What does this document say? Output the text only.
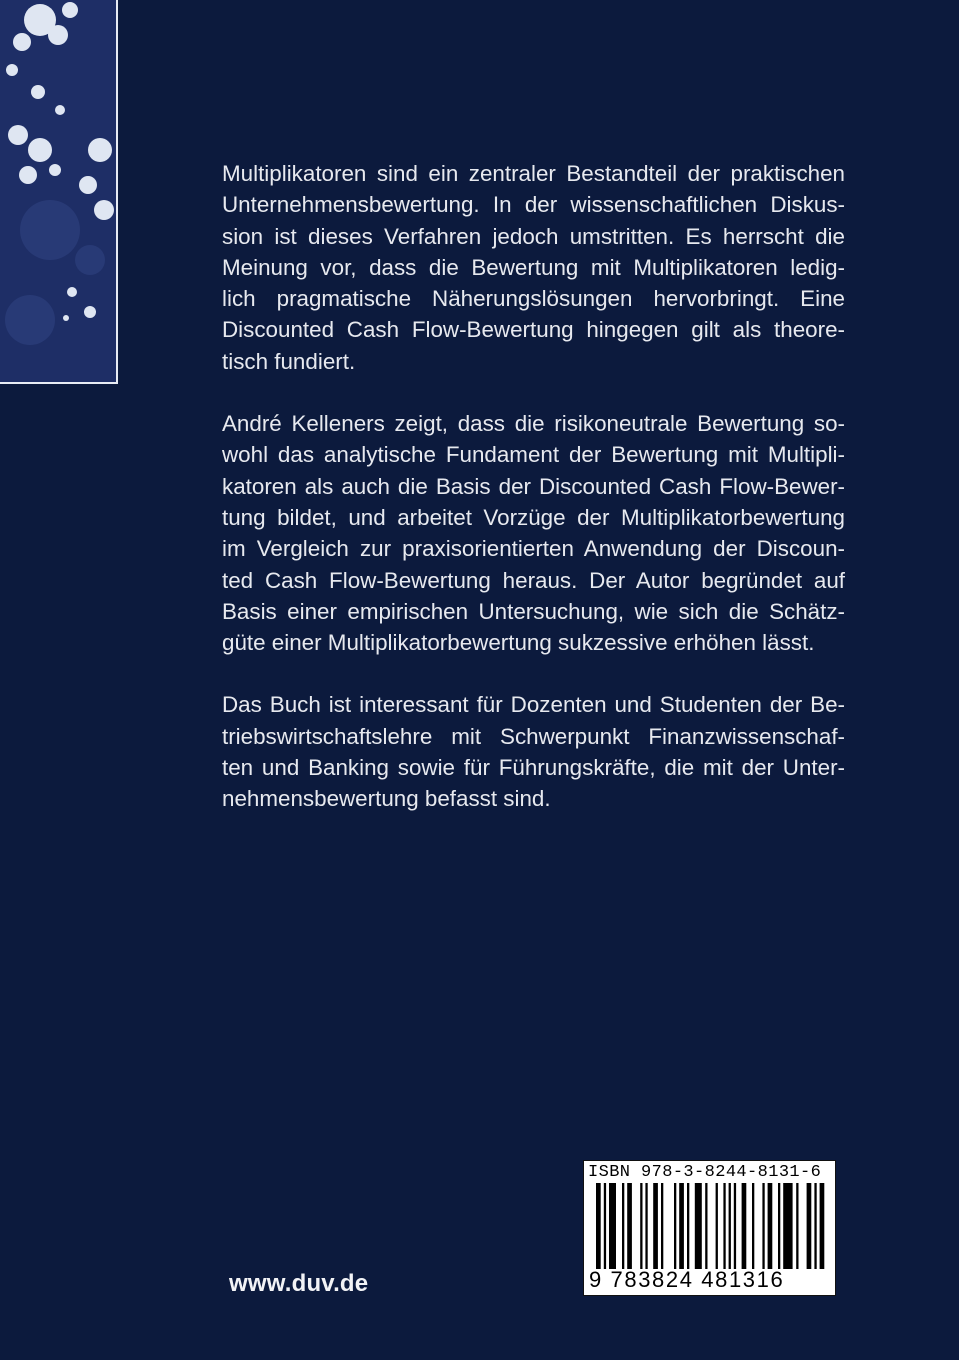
Multiplikatoren sind ein zentraler Bestandteil der praktischen
Unternehmensbewertung. In der wissenschaftlichen Diskus-
sion ist dieses Verfahren jedoch umstritten. Es herrscht die
Meinung vor, dass die Bewertung mit Multiplikatoren ledig-
lich pragmatische Näherungslösungen hervorbringt. Eine
Discounted Cash Flow-Bewertung hingegen gilt als theore-
tisch fundiert.

André Kelleners zeigt, dass die risikoneutrale Bewertung so-
wohl das analytische Fundament der Bewertung mit Multipli-
katoren als auch die Basis der Discounted Cash Flow-Bewer-
tung bildet, und arbeitet Vorzüge der Multiplikatorbewertung
im Vergleich zur praxisorientierten Anwendung der Discoun-
ted Cash Flow-Bewertung heraus. Der Autor begründet auf
Basis einer empirischen Untersuchung, wie sich die Schätz-
güte einer Multiplikatorbewertung sukzessive erhöhen lässt.

Das Buch ist interessant für Dozenten und Studenten der Be-
triebswirtschaftslehre mit Schwerpunkt Finanzwissenschaf-
ten und Banking sowie für Führungskräfte, die mit der Unter-
nehmensbewertung befasst sind.

www.duv.de
ISBN 978-3-8244-8131-6
9 783824 481316
